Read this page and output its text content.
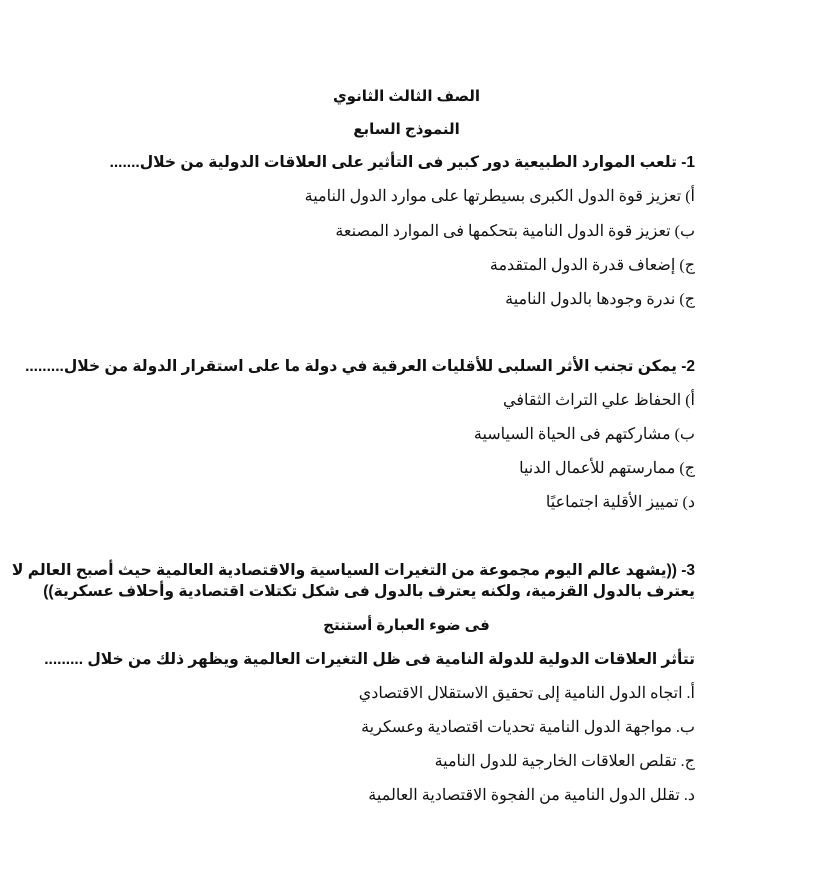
الصف الثالث الثانوي
النموذج السابع
1- تلعب الموارد الطبيعية دور كبير فى التأثير على العلاقات الدولية من خلال.......
أ) تعزيز قوة الدول الكبرى بسيطرتها على موارد الدول النامية
ب) تعزيز قوة الدول النامية بتحكمها فى الموارد المصنعة
ج) إضعاف قدرة الدول المتقدمة
ج) ندرة وجودها بالدول النامية
2- يمكن تجنب الأثر السلبى للأقليات العرقية في دولة ما على استقرار الدولة من خلال.........
أ) الحفاظ علي التراث الثقافي
ب) مشاركتهم فى الحياة السياسية
ج) ممارستهم للأعمال الدنيا
د) تمييز الأقلية اجتماعيًا
3- ((يشهد عالم اليوم مجموعة من التغيرات السياسية والاقتصادية العالمية حيث أصبح العالم لا
يعترف بالدول القزمية، ولكنه يعترف بالدول فى شكل تكتلات اقتصادية وأحلاف عسكرية))
فى ضوء العبارة أستنتج
تتأثر العلاقات الدولية للدولة النامية فى ظل التغيرات العالمية ويظهر ذلك من خلال .........
أ. اتجاه الدول النامية إلى تحقيق الاستقلال الاقتصادي
ب. مواجهة الدول النامية تحديات اقتصادية وعسكرية
ج. تقلص العلاقات الخارجية للدول النامية
د. تقلل الدول النامية من الفجوة الاقتصادية العالمية
